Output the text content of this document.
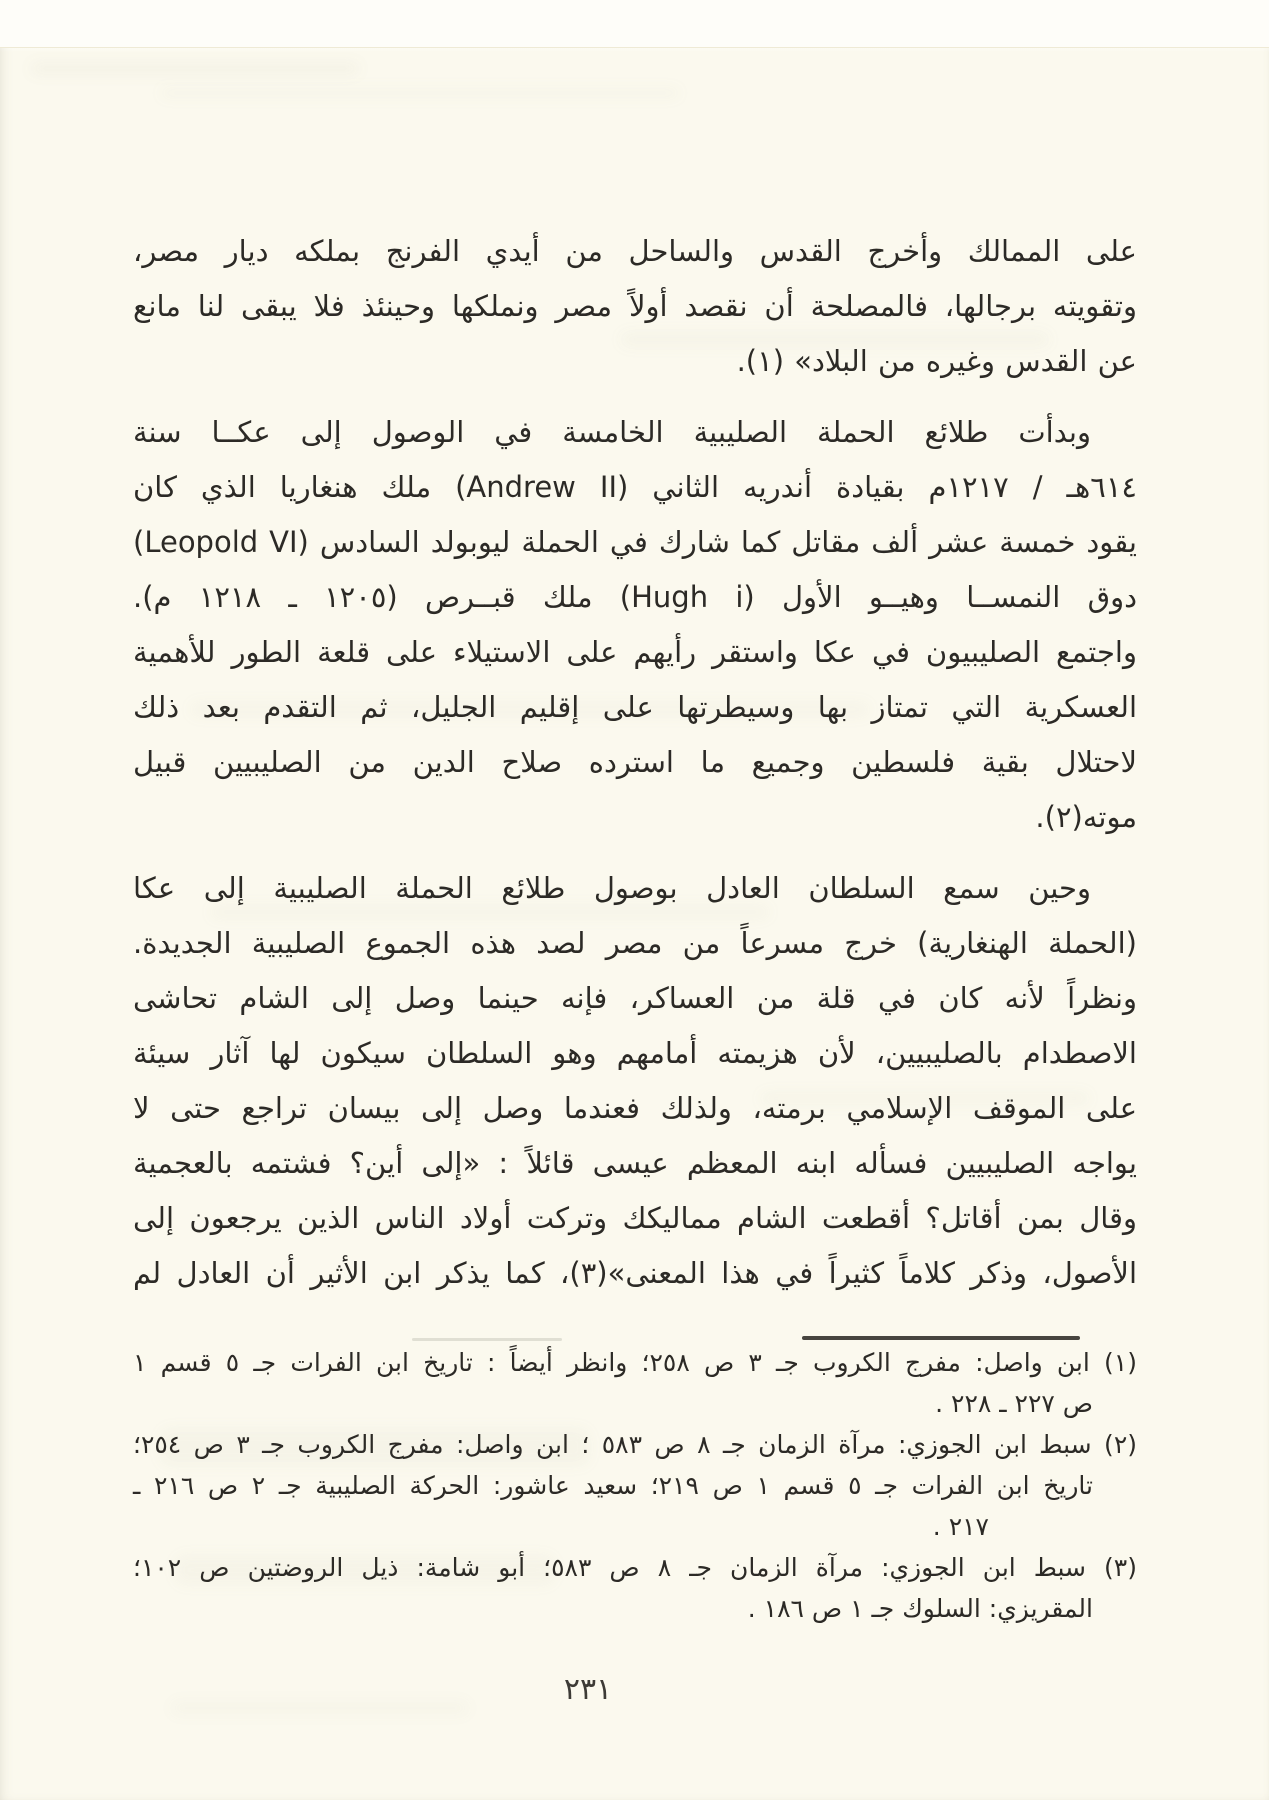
على الممالك وأخرج القدس والساحل من أيدي الفرنج بملكه ديار مصر،
وتقويته برجالها، فالمصلحة أن نقصد أولاً مصر ونملكها وحينئذ فلا يبقى لنا مانع
عن القدس وغيره من البلاد» (١).
وبدأت طلائع الحملة الصليبية الخامسة في الوصول إلى عكــا سنة
٦١٤هـ / ١٢١٧م بقيادة أندريه الثاني (Andrew II) ملك هنغاريا الذي كان
يقود خمسة عشر ألف مقاتل كما شارك في الحملة ليوبولد السادس (Leopold VI)
دوق النمســا وهيــو الأول (Hugh i) ملك قبــرص (١٢٠٥ ـ ١٢١٨ م).
واجتمع الصليبيون في عكا واستقر رأيهم على الاستيلاء على قلعة الطور للأهمية
العسكرية التي تمتاز بها وسيطرتها على إقليم الجليل، ثم التقدم بعد ذلك
لاحتلال بقية فلسطين وجميع ما استرده صلاح الدين من الصليبيين قبيل
موته(٢).
وحين سمع السلطان العادل بوصول طلائع الحملة الصليبية إلى عكا
(الحملة الهنغارية) خرج مسرعاً من مصر لصد هذه الجموع الصليبية الجديدة.
ونظراً لأنه كان في قلة من العساكر، فإنه حينما وصل إلى الشام تحاشى
الاصطدام بالصليبيين، لأن هزيمته أمامهم وهو السلطان سيكون لها آثار سيئة
على الموقف الإسلامي برمته، ولذلك فعندما وصل إلى بيسان تراجع حتى لا
يواجه الصليبيين فسأله ابنه المعظم عيسى قائلاً : «إلى أين؟ فشتمه بالعجمية
وقال بمن أقاتل؟ أقطعت الشام مماليكك وتركت أولاد الناس الذين يرجعون إلى
الأصول، وذكر كلاماً كثيراً في هذا المعنى»(٣)، كما يذكر ابن الأثير أن العادل لم
(١) ابن واصل: مفرج الكروب جـ ٣ ص ٢٥٨؛ وانظر أيضاً : تاريخ ابن الفرات جـ ٥ قسم ١
ص ٢٢٧ ـ ٢٢٨ .
(٢) سبط ابن الجوزي: مرآة الزمان جـ ٨ ص ٥٨٣ ؛ ابن واصل: مفرج الكروب جـ ٣ ص ٢٥٤؛
تاريخ ابن الفرات جـ ٥ قسم ١ ص ٢١٩؛ سعيد عاشور: الحركة الصليبية جـ ٢ ص ٢١٦ ـ
٢١٧ .
(٣) سبط ابن الجوزي: مرآة الزمان جـ ٨ ص ٥٨٣؛ أبو شامة: ذيل الروضتين ص ١٠٢؛
المقريزي: السلوك جـ ١ ص ١٨٦ .
٢٣١
